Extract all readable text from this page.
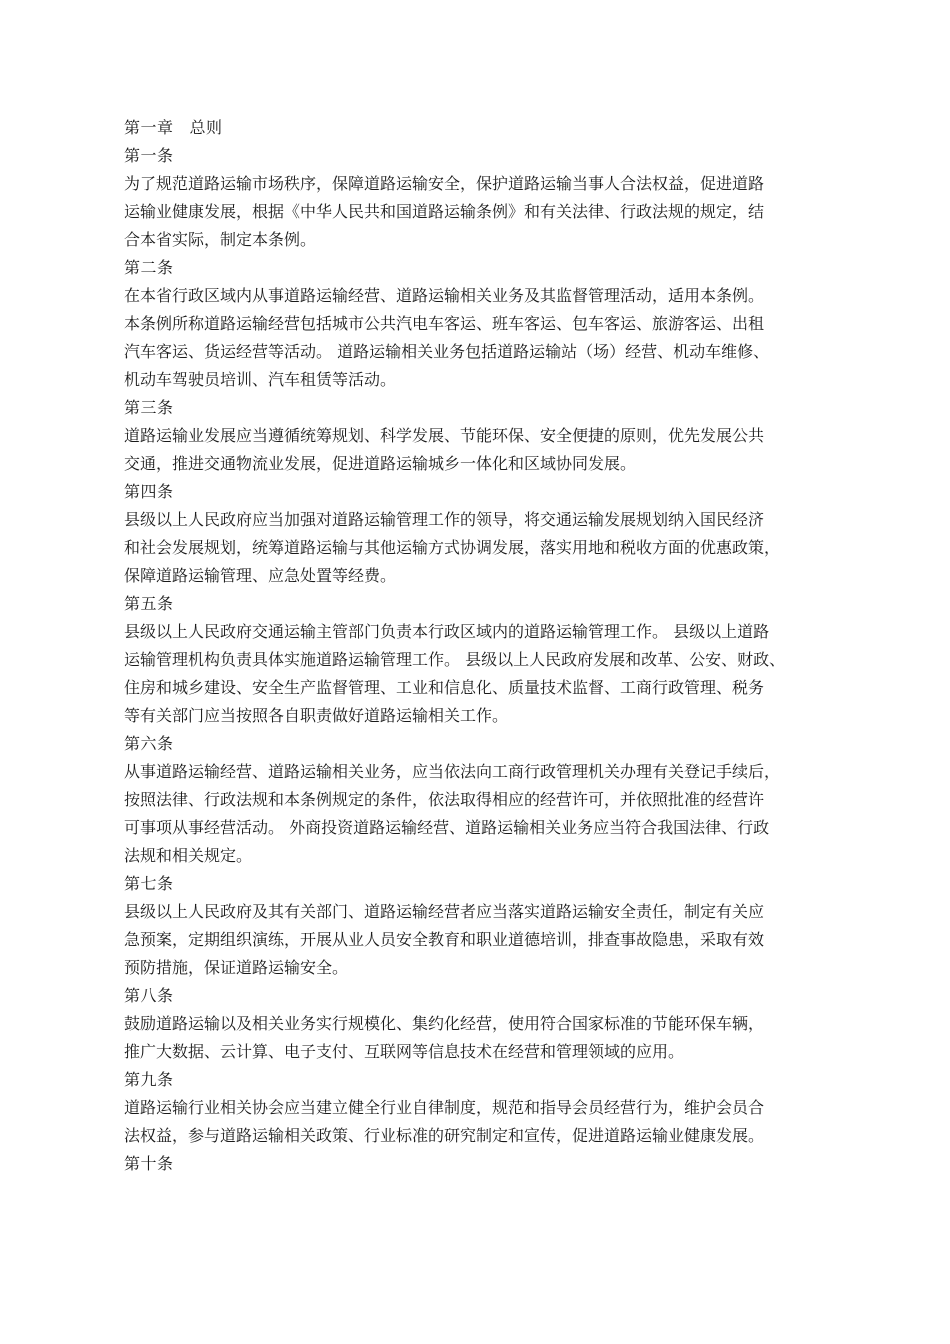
第一章 总则
第一条
为了规范道路运输市场秩序，保障道路运输安全，保护道路运输当事人合法权益，促进道路
运输业健康发展，根据《中华人民共和国道路运输条例》和有关法律、行政法规的规定，结
合本省实际，制定本条例。
第二条
在本省行政区域内从事道路运输经营、道路运输相关业务及其监督管理活动，适用本条例。
本条例所称道路运输经营包括城市公共汽电车客运、班车客运、包车客运、旅游客运、出租
汽车客运、货运经营等活动。 道路运输相关业务包括道路运输站（场）经营、机动车维修、
机动车驾驶员培训、汽车租赁等活动。
第三条
道路运输业发展应当遵循统筹规划、科学发展、节能环保、安全便捷的原则，优先发展公共
交通，推进交通物流业发展，促进道路运输城乡一体化和区域协同发展。
第四条
县级以上人民政府应当加强对道路运输管理工作的领导，将交通运输发展规划纳入国民经济
和社会发展规划，统筹道路运输与其他运输方式协调发展，落实用地和税收方面的优惠政策，
保障道路运输管理、应急处置等经费。
第五条
县级以上人民政府交通运输主管部门负责本行政区域内的道路运输管理工作。 县级以上道路
运输管理机构负责具体实施道路运输管理工作。 县级以上人民政府发展和改革、公安、财政、
住房和城乡建设、安全生产监督管理、工业和信息化、质量技术监督、工商行政管理、税务
等有关部门应当按照各自职责做好道路运输相关工作。
第六条
从事道路运输经营、道路运输相关业务，应当依法向工商行政管理机关办理有关登记手续后，
按照法律、行政法规和本条例规定的条件，依法取得相应的经营许可，并依照批准的经营许
可事项从事经营活动。 外商投资道路运输经营、道路运输相关业务应当符合我国法律、行政
法规和相关规定。
第七条
县级以上人民政府及其有关部门、道路运输经营者应当落实道路运输安全责任，制定有关应
急预案，定期组织演练，开展从业人员安全教育和职业道德培训，排查事故隐患，采取有效
预防措施，保证道路运输安全。
第八条
鼓励道路运输以及相关业务实行规模化、集约化经营，使用符合国家标准的节能环保车辆，
推广大数据、云计算、电子支付、互联网等信息技术在经营和管理领域的应用。
第九条
道路运输行业相关协会应当建立健全行业自律制度，规范和指导会员经营行为，维护会员合
法权益，参与道路运输相关政策、行业标准的研究制定和宣传，促进道路运输业健康发展。
第十条
